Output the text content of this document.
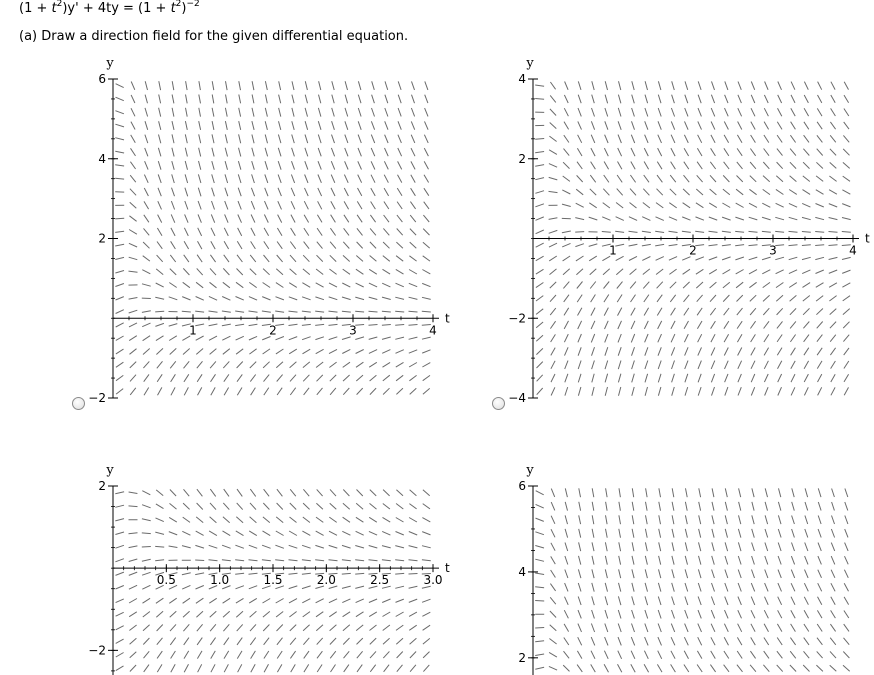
$(1 + t^2)y' + 4ty = (1 + t^2)^{-2}$
(a) Draw a direction field for the given differential equation.
y
1	2	3	4
t
−2
2
4
6
y
1	2	3	4
t
−4
−2
2
4
y
0.5	1.0	1.5	2.0	2.5	3.0
t
−2
2
y
2
4
6
